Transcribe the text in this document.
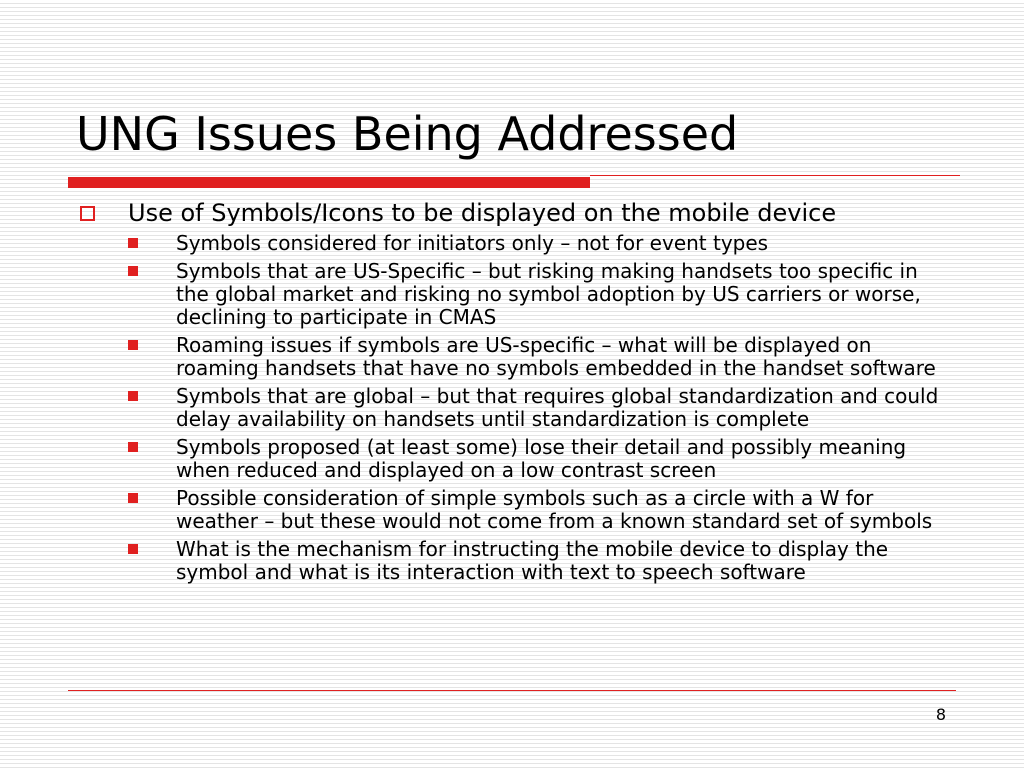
UNG Issues Being Addressed
Use of Symbols/Icons to be displayed on the mobile device
Symbols considered for initiators only – not for event types
Symbols that are US-Specific – but risking making handsets too specific in the global market and risking no symbol adoption by US carriers or worse, declining to participate in CMAS
Roaming issues if symbols are US-specific – what will be displayed on roaming handsets that have no symbols embedded in the handset software
Symbols that are global – but that requires global standardization and could delay availability on handsets until standardization is complete
Symbols proposed (at least some) lose their detail and possibly meaning when reduced and displayed on a low contrast screen
Possible consideration of simple symbols such as a circle with a W for weather – but these would not come from a known standard set of symbols
What is the mechanism for instructing the mobile device to display the symbol and what is its interaction with text to speech software
8
